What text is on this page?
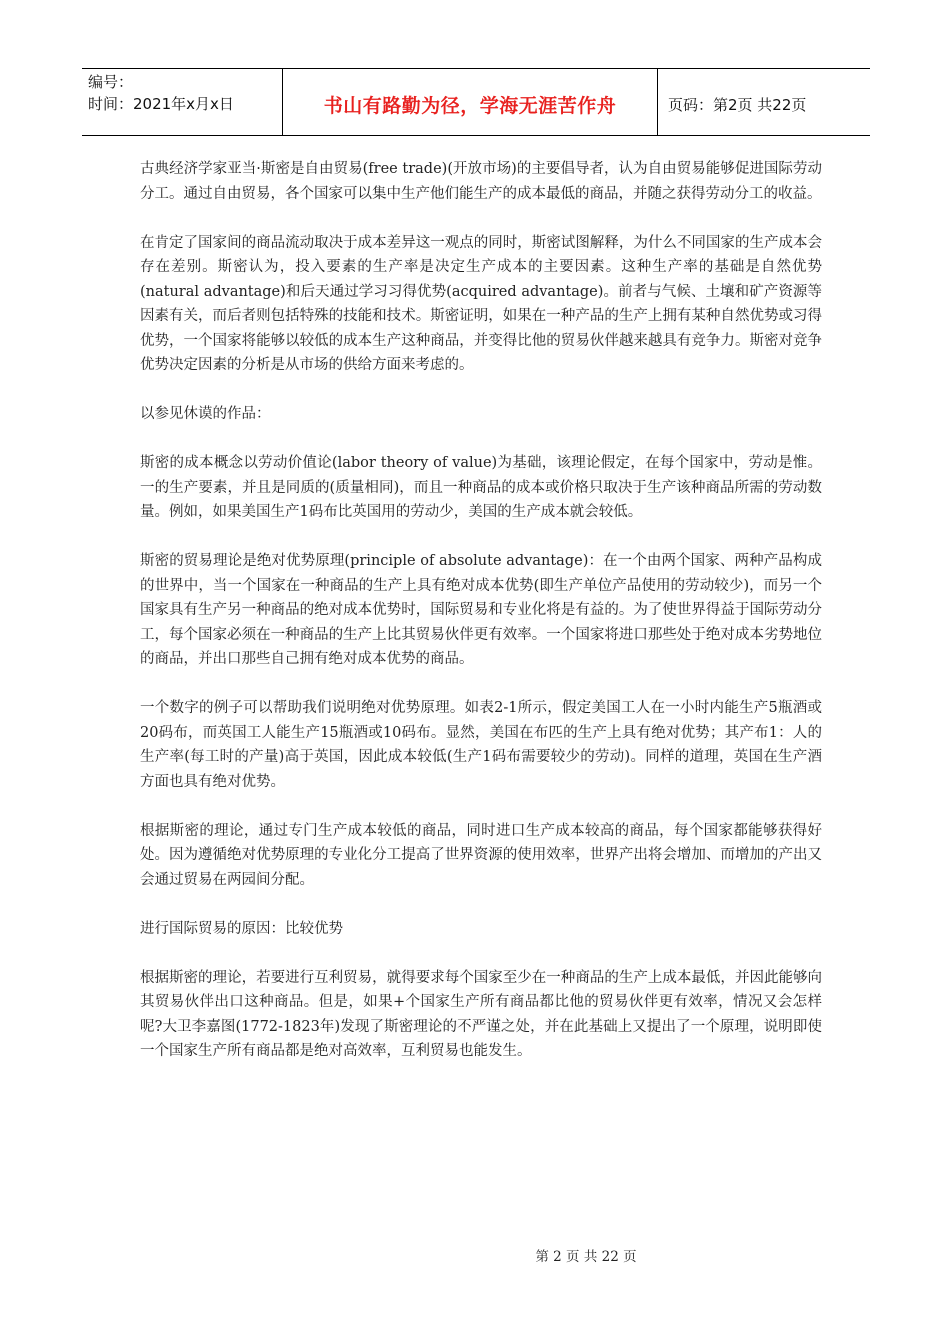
编号：
时间：2021年x月x日	书山有路勤为径，学海无涯苦作舟	页码：第2页 共22页

古典经济学家亚当·斯密是自由贸易(free trade)(开放市场)的主要倡导者，认为自由贸易能够促进国际劳动分工。通过自由贸易，各个国家可以集中生产他们能生产的成本最低的商品，并随之获得劳动分工的收益。

在肯定了国家间的商品流动取决于成本差异这一观点的同时，斯密试图解释，为什么不同国家的生产成本会存在差别。斯密认为，投入要素的生产率是决定生产成本的主要因素。这种生产率的基础是自然优势(natural advantage)和后天通过学习习得优势(acquired advantage)。前者与气候、土壤和矿产资源等因素有关，而后者则包括特殊的技能和技术。斯密证明，如果在一种产品的生产上拥有某种自然优势或习得优势，一个国家将能够以较低的成本生产这种商品，并变得比他的贸易伙伴越来越具有竞争力。斯密对竞争优势决定因素的分析是从市场的供给方面来考虑的。

以参见休谟的作品：

斯密的成本概念以劳动价值论(labor theory of value)为基础，该理论假定，在每个国家中，劳动是惟。一的生产要素，并且是同质的(质量相同)，而且一种商品的成本或价格只取决于生产该种商品所需的劳动数量。例如，如果美国生产1码布比英国用的劳动少，美国的生产成本就会较低。

斯密的贸易理论是绝对优势原理(principle of absolute advantage)：在一个由两个国家、两种产品构成的世界中，当一个国家在一种商品的生产上具有绝对成本优势(即生产单位产品使用的劳动较少)，而另一个国家具有生产另一种商品的绝对成本优势时，国际贸易和专业化将是有益的。为了使世界得益于国际劳动分工，每个国家必须在一种商品的生产上比其贸易伙伴更有效率。一个国家将进口那些处于绝对成本劣势地位的商品，并出口那些自己拥有绝对成本优势的商品。

一个数字的例子可以帮助我们说明绝对优势原理。如表2-1所示，假定美国工人在一小时内能生产5瓶酒或20码布，而英国工人能生产15瓶酒或10码布。显然，美国在布匹的生产上具有绝对优势；其产布1：人的生产率(每工时的产量)高于英国，因此成本较低(生产1码布需要较少的劳动)。同样的道理，英国在生产酒方面也具有绝对优势。

根据斯密的理论，通过专门生产成本较低的商品，同时进口生产成本较高的商品，每个国家都能够获得好处。因为遵循绝对优势原理的专业化分工提高了世界资源的使用效率，世界产出将会增加、而增加的产出又会通过贸易在两园间分配。

进行国际贸易的原因：比较优势

根据斯密的理论，若要进行互利贸易，就得要求每个国家至少在一种商品的生产上成本最低，并因此能够向其贸易伙伴出口这种商品。但是，如果+个国家生产所有商品都比他的贸易伙伴更有效率，情况又会怎样呢?大卫李嘉图(1772-1823年)发现了斯密理论的不严谨之处，并在此基础上又提出了一个原理，说明即使一个国家生产所有商品都是绝对高效率，互利贸易也能发生。

第 2 页 共 22 页
